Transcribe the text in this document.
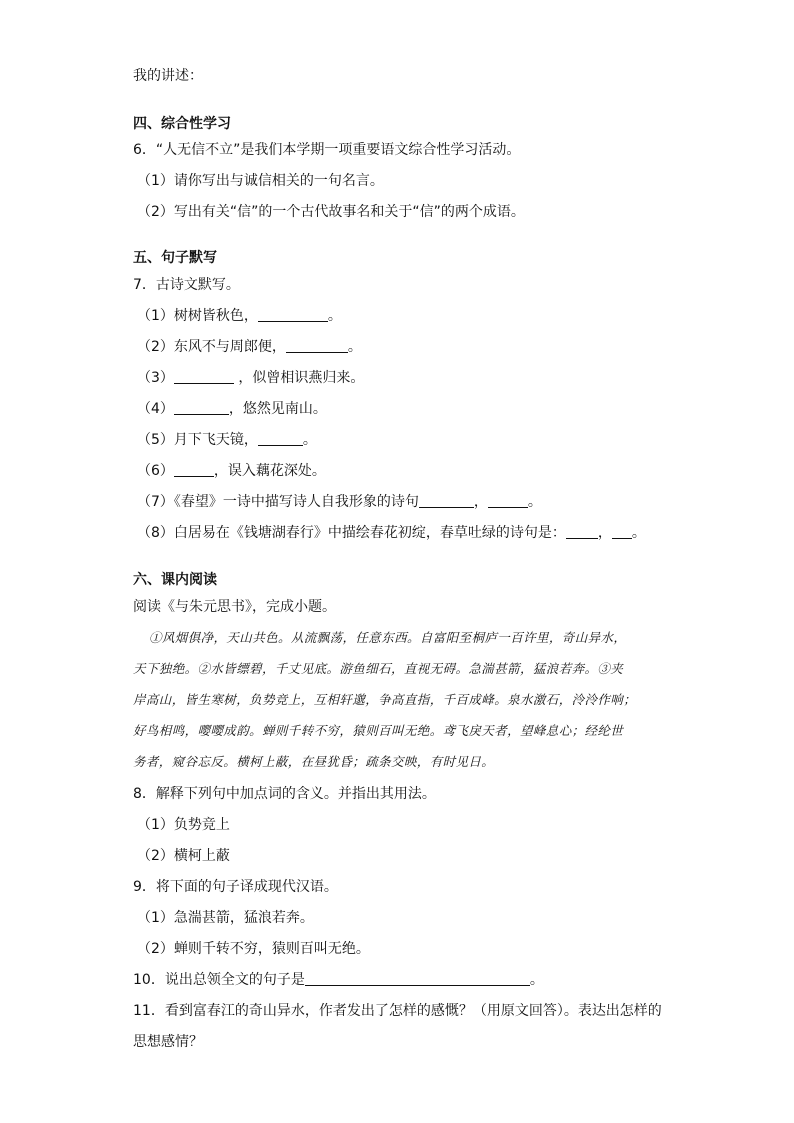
我的讲述：
四、综合性学习
6．“人无信不立”是我们本学期一项重要语文综合性学习活动。
（1）请你写出与诚信相关的一句名言。
（2）写出有关“信”的一个古代故事名和关于“信”的两个成语。
五、句子默写
7．古诗文默写。
（1）树树皆秋色，	。
（2）东风不与周郎便，	。
（3）	，似曾相识燕归来。
（4）	，悠然见南山。
（5）月下飞天镜，	。
（6）	，误入藕花深处。
（7）《春望》一诗中描写诗人自我形象的诗句	，	。
（8）白居易在《钱塘湖春行》中描绘春花初绽，春草吐绿的诗句是： ， 。
六、课内阅读
阅读《与朱元思书》，完成小题。
①风烟俱净，天山共色。从流飘荡，任意东西。自富阳至桐庐一百许里，奇山异水，
天下独绝。②水皆缥碧，千丈见底。游鱼细石，直视无碍。急湍甚箭，猛浪若奔。③夹
岸高山，皆生寒树，负势竞上，互相轩邈，争高直指，千百成峰。泉水激石，泠泠作响；
好鸟相鸣，嘤嘤成韵。蝉则千转不穷，猿则百叫无绝。鸢飞戾天者，望峰息心；经纶世
务者，窥谷忘反。横柯上蔽，在昼犹昏；疏条交映，有时见日。
8．解释下列句中加点词的含义。并指出其用法。
（1）负势竞上
（2）横柯上蔽
9．将下面的句子译成现代汉语。
（1）急湍甚箭，猛浪若奔。
（2）蝉则千转不穷，猿则百叫无绝。
10．说出总领全文的句子是	。
11．看到富春江的奇山异水，作者发出了怎样的感慨？（用原文回答）。表达出怎样的
思想感情？
